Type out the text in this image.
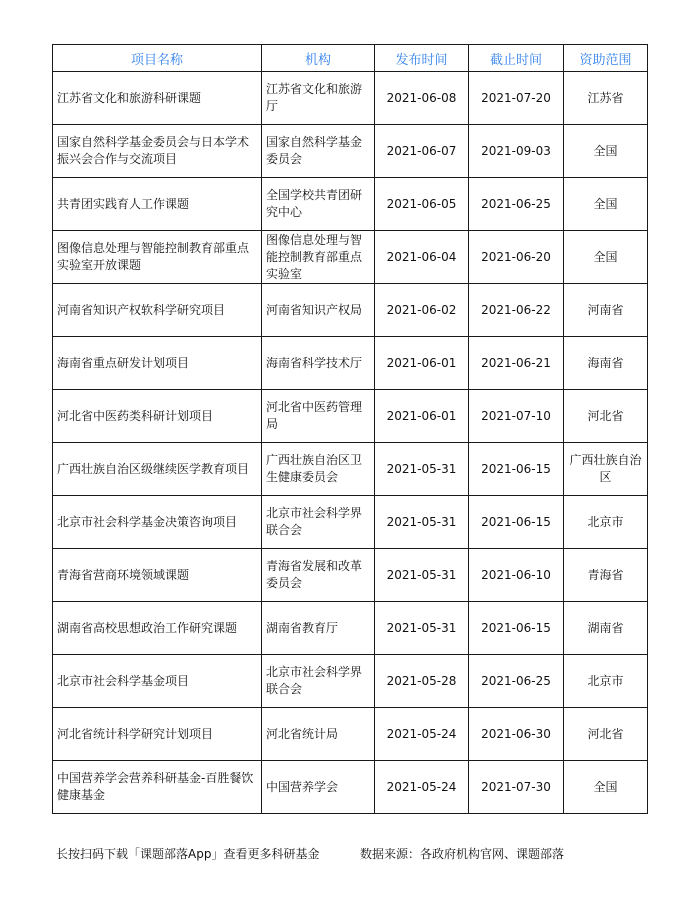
项目名称	机构	发布时间	截止时间	资助范围
江苏省文化和旅游科研课题	江苏省文化和旅游厅	2021-06-08	2021-07-20	江苏省
国家自然科学基金委员会与日本学术振兴会合作与交流项目	国家自然科学基金委员会	2021-06-07	2021-09-03	全国
共青团实践育人工作课题	全国学校共青团研究中心	2021-06-05	2021-06-25	全国
图像信息处理与智能控制教育部重点实验室开放课题	图像信息处理与智能控制教育部重点实验室	2021-06-04	2021-06-20	全国
河南省知识产权软科学研究项目	河南省知识产权局	2021-06-02	2021-06-22	河南省
海南省重点研发计划项目	海南省科学技术厅	2021-06-01	2021-06-21	海南省
河北省中医药类科研计划项目	河北省中医药管理局	2021-06-01	2021-07-10	河北省
广西壮族自治区级继续医学教育项目	广西壮族自治区卫生健康委员会	2021-05-31	2021-06-15	广西壮族自治区
北京市社会科学基金决策咨询项目	北京市社会科学界联合会	2021-05-31	2021-06-15	北京市
青海省营商环境领域课题	青海省发展和改革委员会	2021-05-31	2021-06-10	青海省
湖南省高校思想政治工作研究课题	湖南省教育厅	2021-05-31	2021-06-15	湖南省
北京市社会科学基金项目	北京市社会科学界联合会	2021-05-28	2021-06-25	北京市
河北省统计科学研究计划项目	河北省统计局	2021-05-24	2021-06-30	河北省
中国营养学会营养科研基金-百胜餐饮健康基金	中国营养学会	2021-05-24	2021-07-30	全国
长按扫码下载「课题部落App」查看更多科研基金	数据来源：各政府机构官网、课题部落
